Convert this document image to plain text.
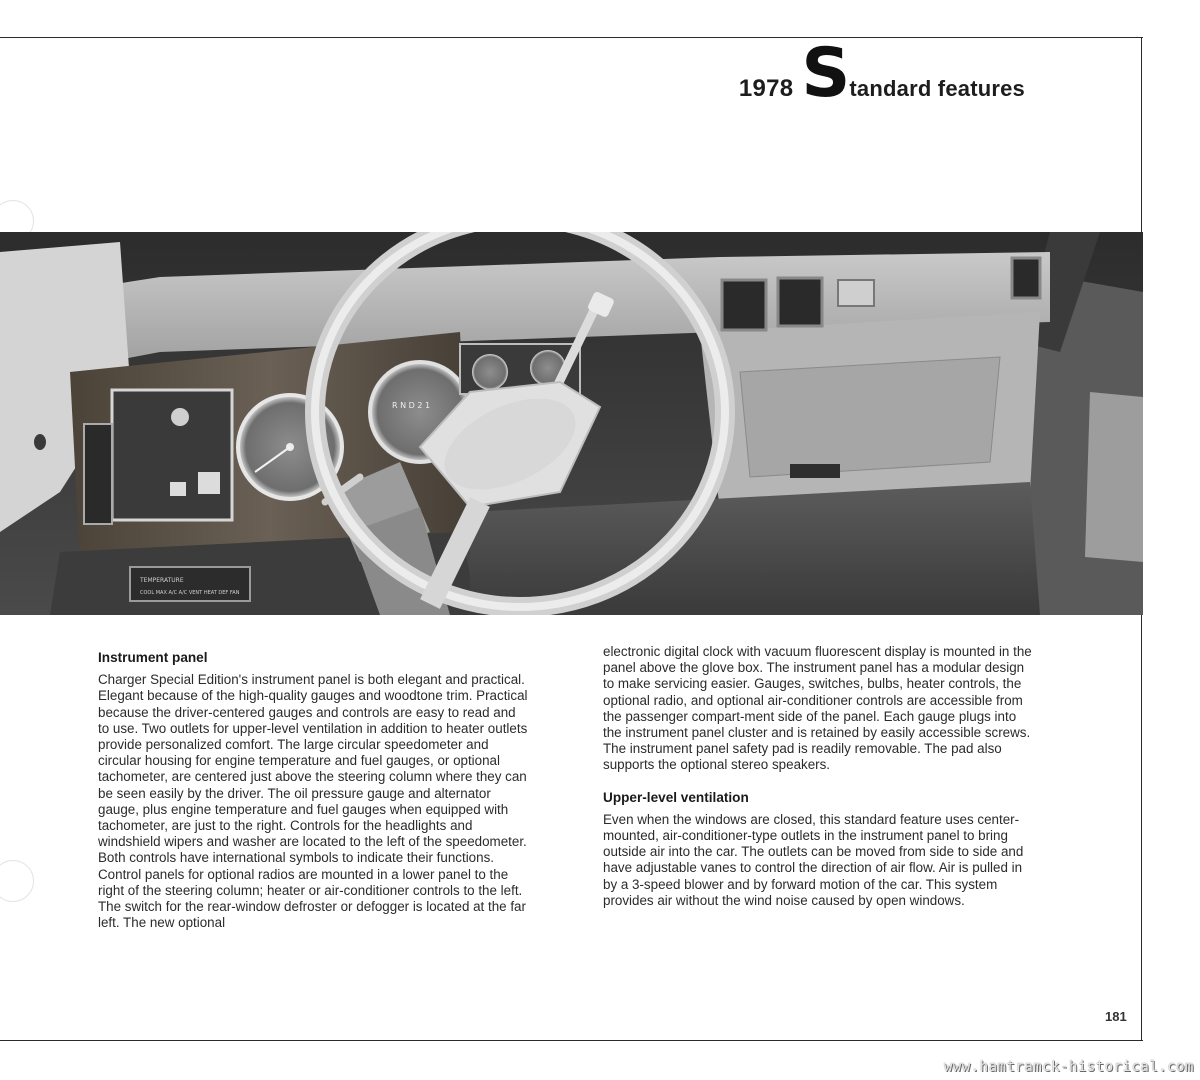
1978 S tandard features
TEMPERATURE
COOL MAX A/C A/C VENT HEAT DEF FAN
R N D 2 1

Instrument panel

Charger Special Edition's instrument panel is both elegant and practical. Elegant because of the high-quality gauges and woodtone trim. Practical because the driver-centered gauges and controls are easy to read and to use. Two outlets for upper-level ventilation in addition to heater outlets provide personalized comfort. The large circular speedometer and circular housing for engine temperature and fuel gauges, or optional tachometer, are centered just above the steering column where they can be seen easily by the driver. The oil pressure gauge and alternator gauge, plus engine temperature and fuel gauges when equipped with tachometer, are just to the right. Controls for the headlights and windshield wipers and washer are located to the left of the speedometer. Both controls have international symbols to indicate their functions. Control panels for optional radios are mounted in a lower panel to the right of the steering column; heater or air-conditioner controls to the left. The switch for the rear-window defroster or defogger is located at the far left. The new optional

electronic digital clock with vacuum fluorescent display is mounted in the panel above the glove box. The instrument panel has a modular design to make servicing easier. Gauges, switches, bulbs, heater controls, the optional radio, and optional air-conditioner controls are accessible from the passenger compart-ment side of the panel. Each gauge plugs into the instrument panel cluster and is retained by easily accessible screws. The instrument panel safety pad is readily removable. The pad also supports the optional stereo speakers.

Upper-level ventilation

Even when the windows are closed, this standard feature uses center-mounted, air-conditioner-type outlets in the instrument panel to bring outside air into the car. The outlets can be moved from side to side and have adjustable vanes to control the direction of air flow. Air is pulled in by a 3-speed blower and by forward motion of the car. This system provides air without the wind noise caused by open windows.

181
www.hamtramck-historical.com
